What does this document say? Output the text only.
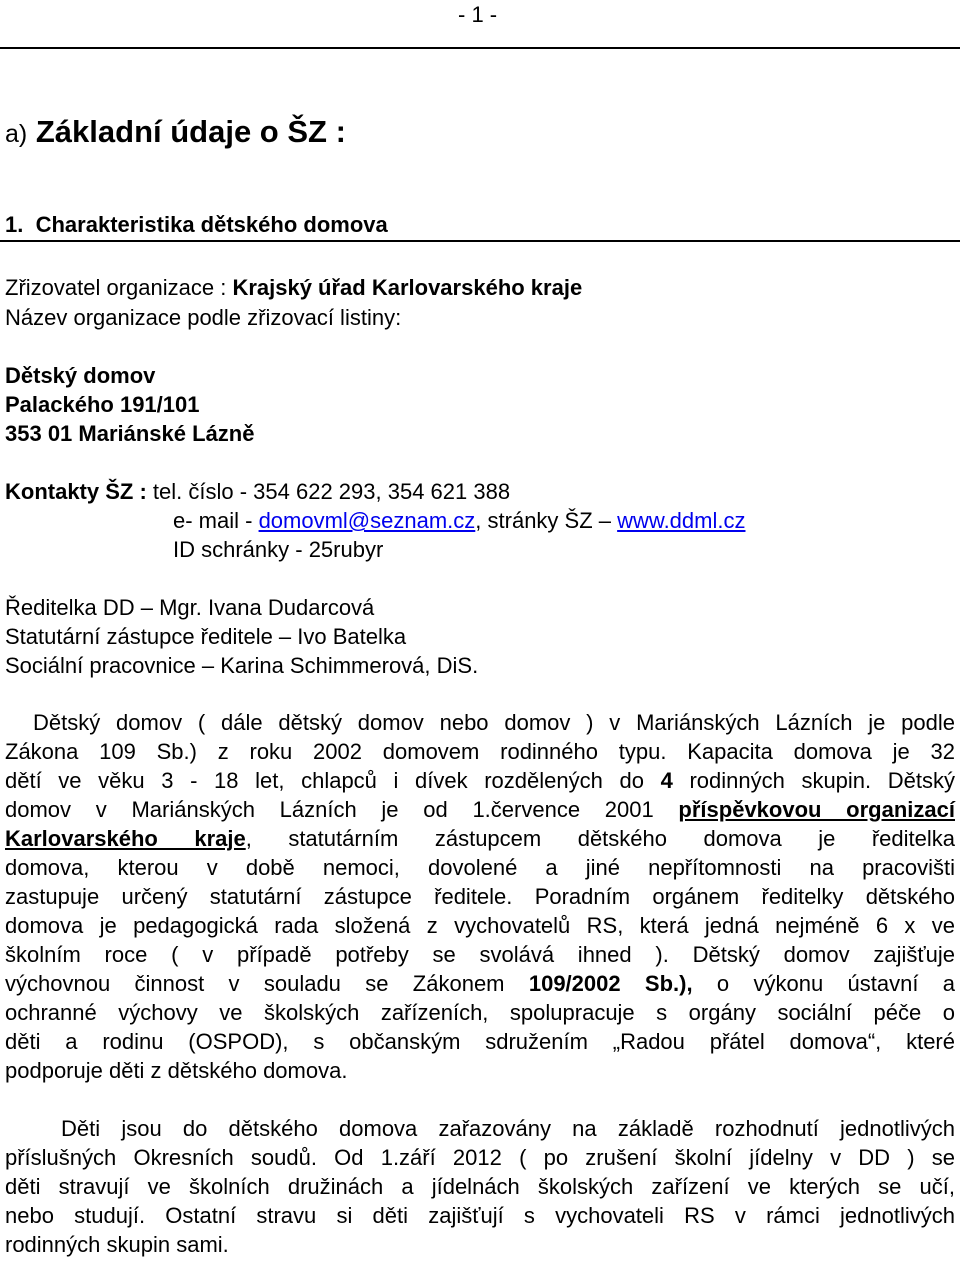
- 1 -
a) Základní údaje o ŠZ :
1. Charakteristika dětského domova
Zřizovatel organizace : Krajský úřad Karlovarského kraje
Název organizace podle zřizovací listiny:
Dětský domov
Palackého 191/101
353 01 Mariánské Lázně
Kontakty ŠZ : tel. číslo - 354 622 293, 354 621 388
e- mail - domovml@seznam.cz, stránky ŠZ – www.ddml.cz
ID schránky - 25rubyr
Ředitelka DD – Mgr. Ivana Dudarcová
Statutární zástupce ředitele – Ivo Batelka
Sociální pracovnice – Karina Schimmerová, DiS.
Dětský domov ( dále dětský domov nebo domov ) v Mariánských Lázních je podle
Zákona 109 Sb.) z roku 2002 domovem rodinného typu. Kapacita domova je 32
dětí ve věku 3 - 18 let, chlapců i dívek rozdělených do 4 rodinných skupin. Dětský
domov v Mariánských Lázních je od 1.července 2001 příspěvkovou organizací
Karlovarského kraje, statutárním zástupcem dětského domova je ředitelka
domova, kterou v době nemoci, dovolené a jiné nepřítomnosti na pracovišti
zastupuje určený statutární zástupce ředitele. Poradním orgánem ředitelky dětského
domova je pedagogická rada složená z vychovatelů RS, která jedná nejméně 6 x ve
školním roce ( v případě potřeby se svolává ihned ). Dětský domov zajišťuje
výchovnou činnost v souladu se Zákonem 109/2002 Sb.), o výkonu ústavní a
ochranné výchovy ve školských zařízeních, spolupracuje s orgány sociální péče o
děti a rodinu (OSPOD), s občanským sdružením „Radou přátel domova“, které
podporuje děti z dětského domova.
Děti jsou do dětského domova zařazovány na základě rozhodnutí jednotlivých
příslušných Okresních soudů. Od 1.září 2012 ( po zrušení školní jídelny v DD ) se
děti stravují ve školních družinách a jídelnách školských zařízení ve kterých se učí,
nebo studují. Ostatní stravu si děti zajišťují s vychovateli RS v rámci jednotlivých
rodinných skupin sami.
